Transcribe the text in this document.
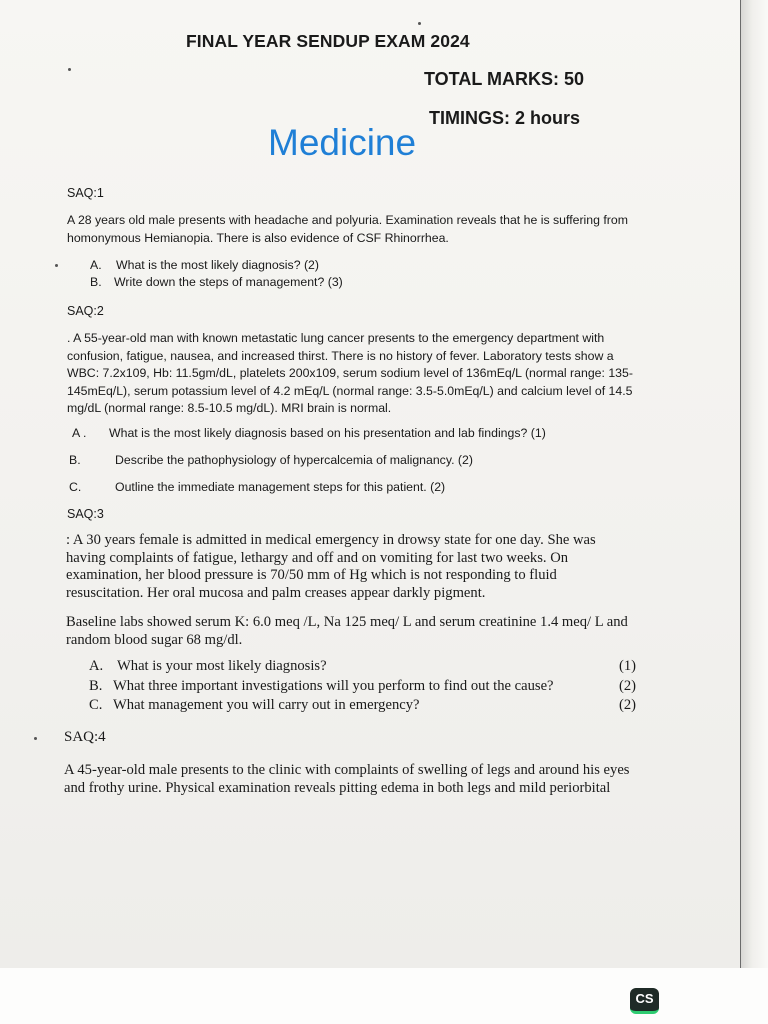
FINAL YEAR SENDUP EXAM 2024
TOTAL MARKS: 50
TIMINGS: 2 hours
Medicine
SAQ:1
A 28 years old male presents with headache and polyuria. Examination reveals that he is suffering from
homonymous Hemianopia. There is also evidence of CSF Rhinorrhea.
A. What is the most likely diagnosis? (2)
B. Write down the steps of management? (3)
SAQ:2
. A 55-year-old man with known metastatic lung cancer presents to the emergency department with
confusion, fatigue, nausea, and increased thirst. There is no history of fever. Laboratory tests show a
WBC: 7.2x109, Hb: 11.5gm/dL, platelets 200x109, serum sodium level of 136mEq/L (normal range: 135-
145mEq/L), serum potassium level of 4.2 mEq/L (normal range: 3.5-5.0mEq/L) and calcium level of 14.5
mg/dL (normal range: 8.5-10.5 mg/dL). MRI brain is normal.
A . What is the most likely diagnosis based on his presentation and lab findings? (1)
B.	Describe the pathophysiology of hypercalcemia of malignancy. (2)
C.	Outline the immediate management steps for this patient. (2)
SAQ:3
: A 30 years female is admitted in medical emergency in drowsy state for one day. She was
having complaints of fatigue, lethargy and off and on vomiting for last two weeks. On
examination, her blood pressure is 70/50 mm of Hg which is not responding to fluid
resuscitation. Her oral mucosa and palm creases appear darkly pigment.
Baseline labs showed serum K: 6.0 meq /L, Na 125 meq/ L and serum creatinine 1.4 meq/ L and
random blood sugar 68 mg/dl.
A. What is your most likely diagnosis?	(1)
B. What three important investigations will you perform to find out the cause?	(2)
C. What management you will carry out in emergency?	(2)
SAQ:4
A 45-year-old male presents to the clinic with complaints of swelling of legs and around his eyes
and frothy urine. Physical examination reveals pitting edema in both legs and mild periorbital
CS
